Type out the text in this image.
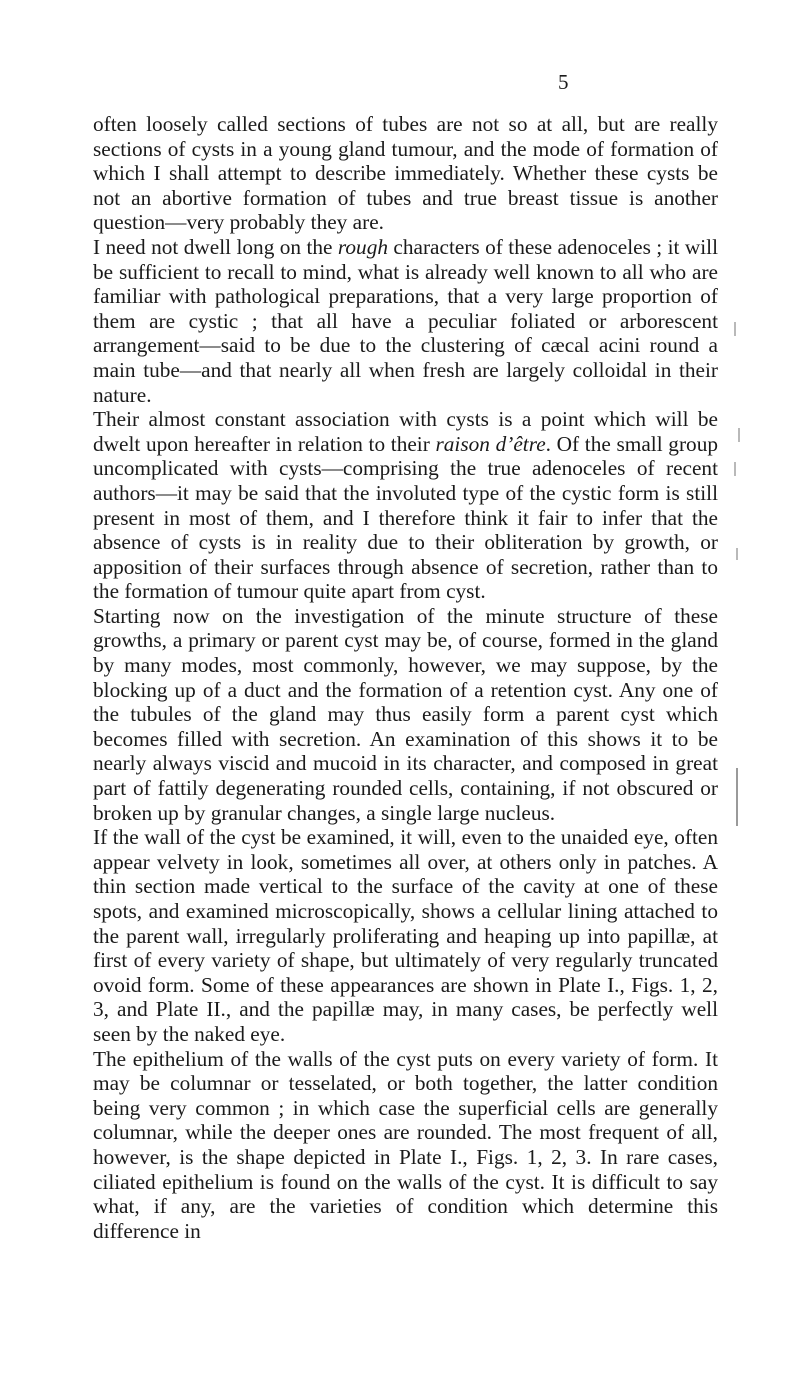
5

often loosely called sections of tubes are not so at all, but are really sections of cysts in a young gland tumour, and the mode of formation of which I shall attempt to describe immediately. Whether these cysts be not an abortive formation of tubes and true breast tissue is another question—very probably they are.

I need not dwell long on the rough characters of these adenoceles ; it will be sufficient to recall to mind, what is already well known to all who are familiar with pathological preparations, that a very large proportion of them are cystic ; that all have a peculiar foliated or arborescent arrangement—said to be due to the clustering of cæcal acini round a main tube—and that nearly all when fresh are largely colloidal in their nature.

Their almost constant association with cysts is a point which will be dwelt upon hereafter in relation to their raison d’être. Of the small group uncomplicated with cysts—comprising the true adenoceles of recent authors—it may be said that the involuted type of the cystic form is still present in most of them, and I therefore think it fair to infer that the absence of cysts is in reality due to their obliteration by growth, or apposition of their surfaces through absence of secretion, rather than to the formation of tumour quite apart from cyst.

Starting now on the investigation of the minute structure of these growths, a primary or parent cyst may be, of course, formed in the gland by many modes, most commonly, however, we may suppose, by the blocking up of a duct and the formation of a retention cyst. Any one of the tubules of the gland may thus easily form a parent cyst which becomes filled with secretion. An examination of this shows it to be nearly always viscid and mucoid in its character, and composed in great part of fattily degenerating rounded cells, containing, if not obscured or broken up by granular changes, a single large nucleus.

If the wall of the cyst be examined, it will, even to the unaided eye, often appear velvety in look, sometimes all over, at others only in patches. A thin section made vertical to the surface of the cavity at one of these spots, and examined microscopically, shows a cellular lining attached to the parent wall, irregularly proliferating and heaping up into papillæ, at first of every variety of shape, but ultimately of very regularly truncated ovoid form. Some of these appearances are shown in Plate I., Figs. 1, 2, 3, and Plate II., and the papillæ may, in many cases, be perfectly well seen by the naked eye.

The epithelium of the walls of the cyst puts on every variety of form. It may be columnar or tesselated, or both together, the latter condition being very common ; in which case the superficial cells are generally columnar, while the deeper ones are rounded. The most frequent of all, however, is the shape depicted in Plate I., Figs. 1, 2, 3. In rare cases, ciliated epithelium is found on the walls of the cyst. It is difficult to say what, if any, are the varieties of condition which determine this difference in
